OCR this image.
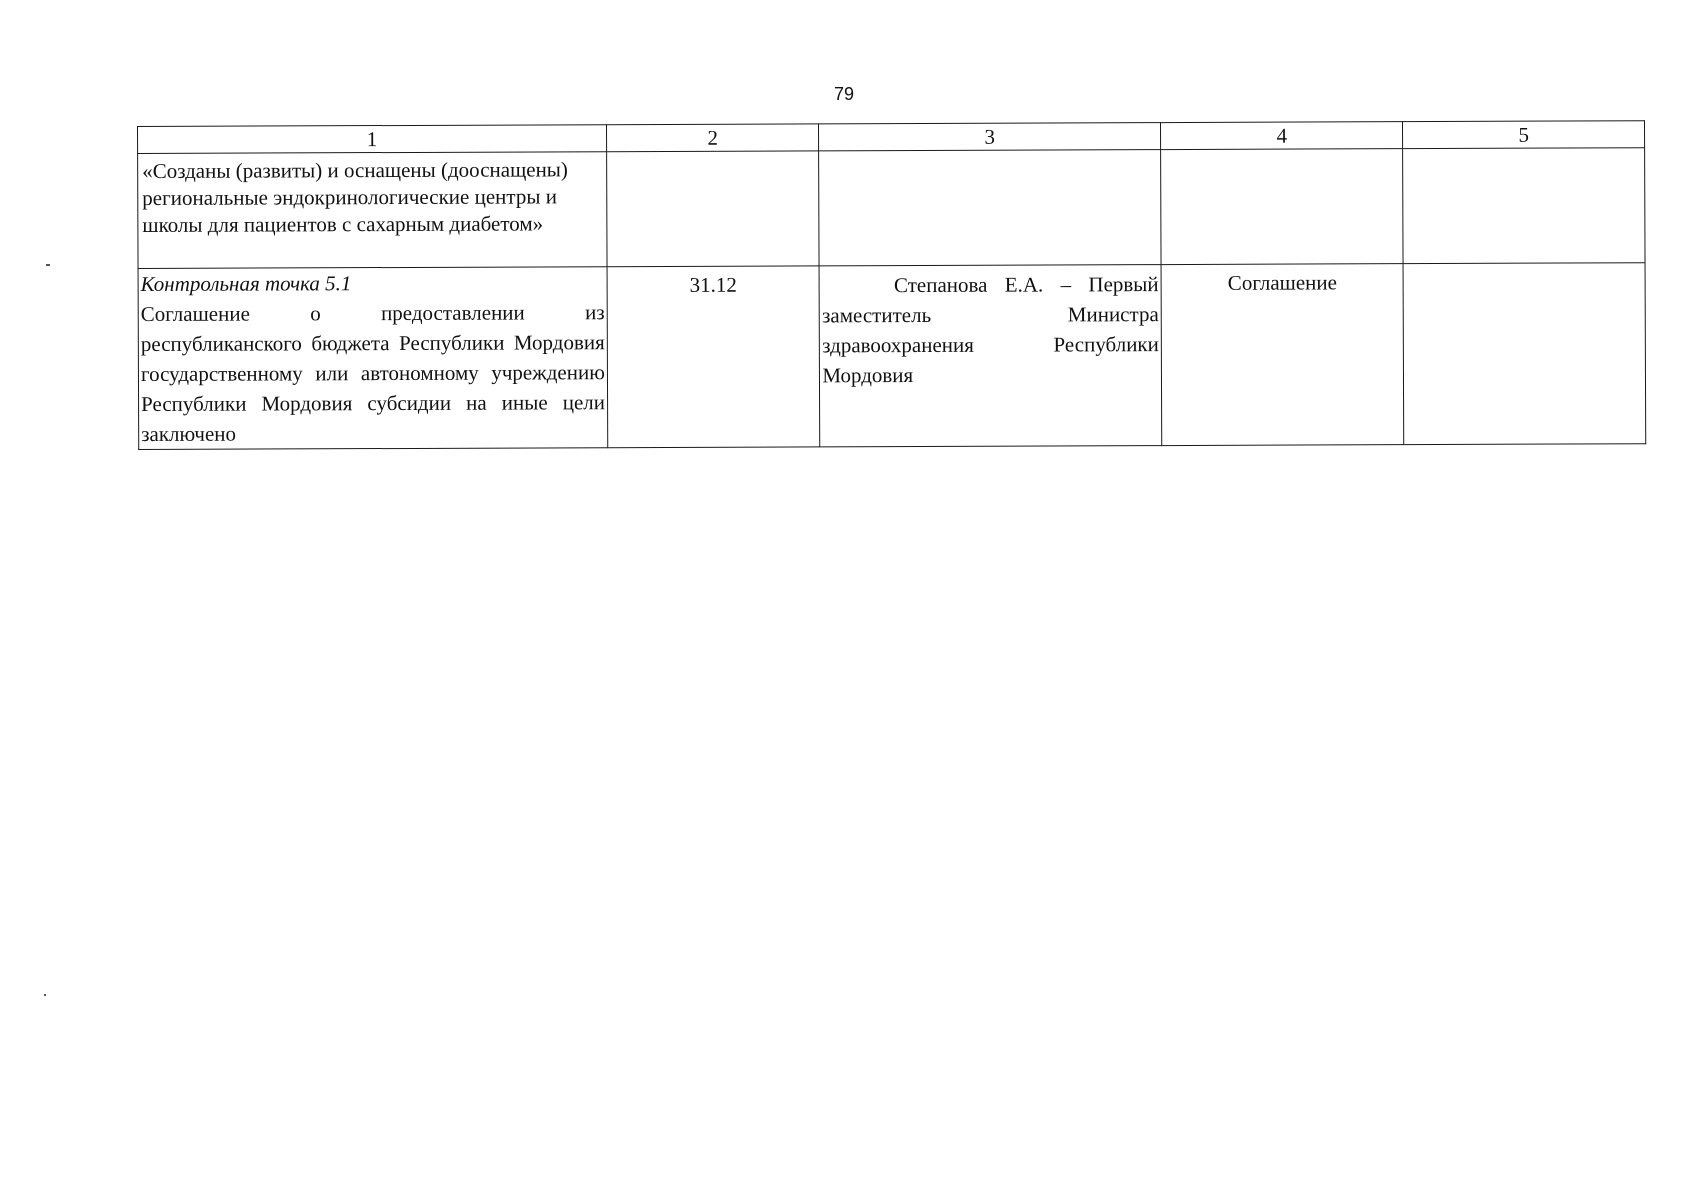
79
1	2	3	4	5
«Созданы (развиты) и оснащены (дооснащены) региональные эндокринологические центры и школы для пациентов с сахарным диабетом»				

Контрольная точка 5.1
Соглашение о предоставлении из республиканского бюджета Республики Мордовия государственному или автономному учреждению Республики Мордовия субсидии на иные цели заключено	31.12	Степанова Е.А. – Первый заместитель Министра здравоохранения Республики Мордовия	Соглашение	
